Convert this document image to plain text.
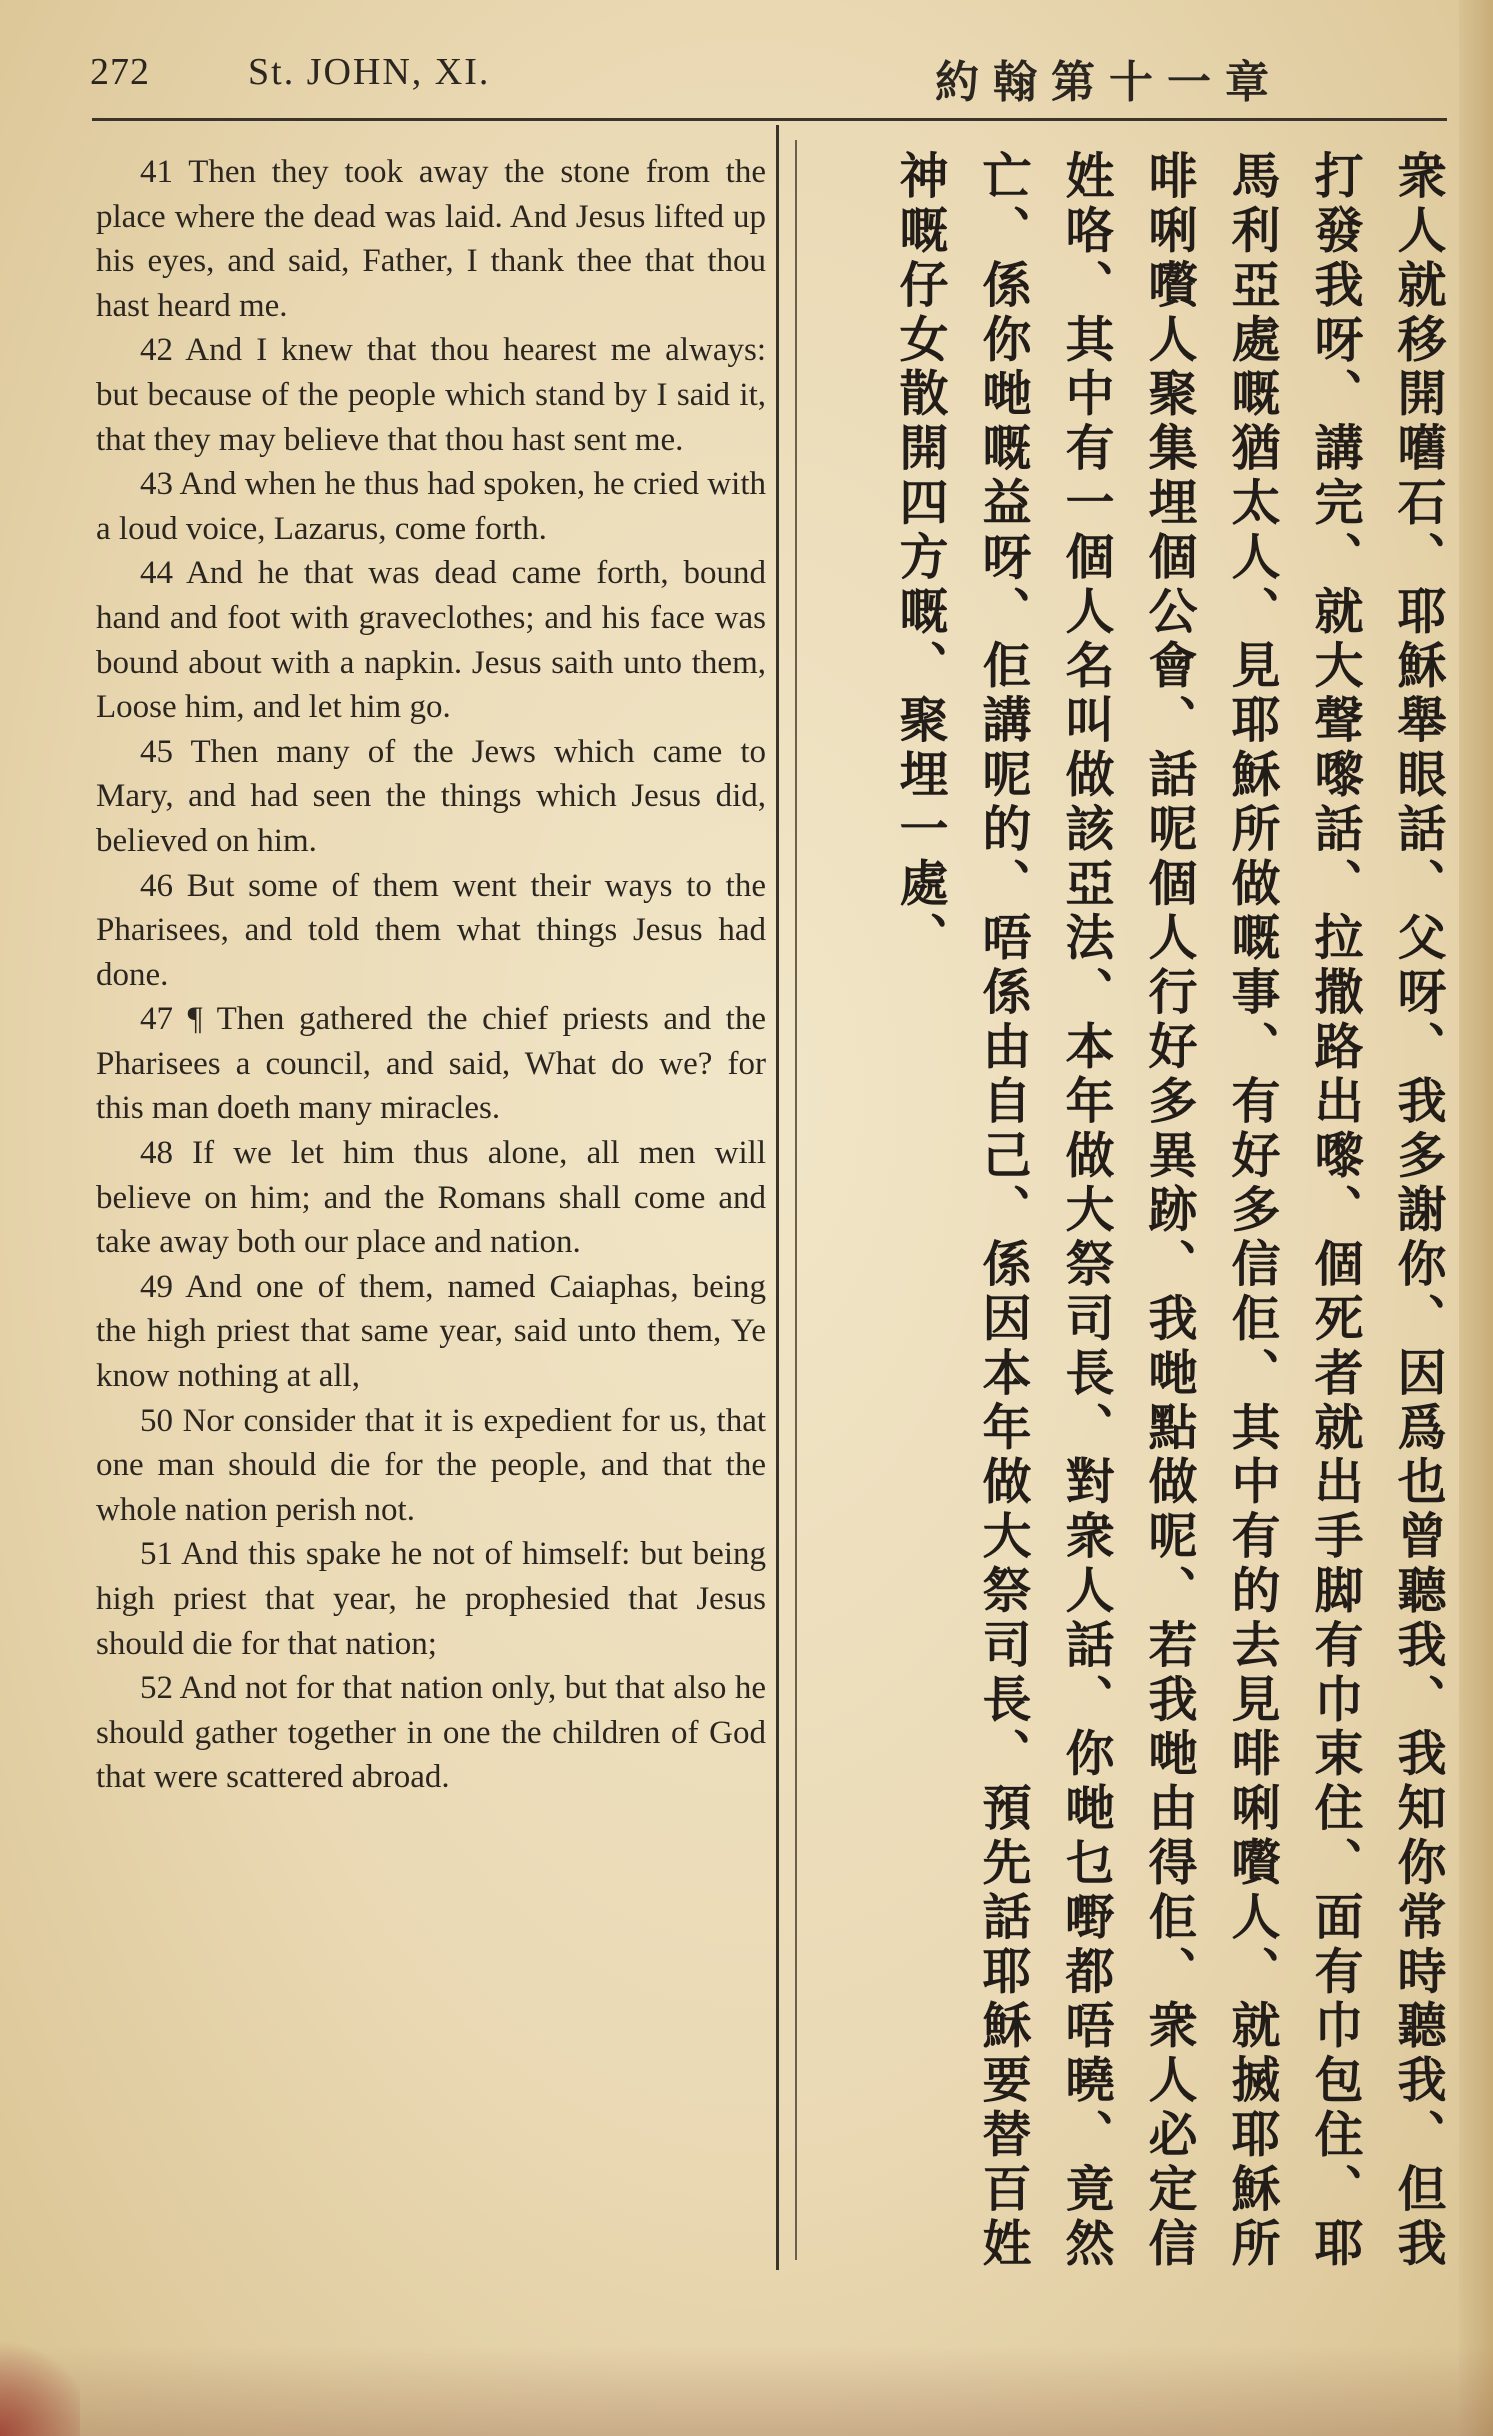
272	St. JOHN, XI.	約翰第十一章
41 Then they took away the stone from the place where the dead was laid. And Jesus lifted up his eyes, and said, Father, I thank thee that thou hast heard me.
42 And I knew that thou hearest me always: but because of the people which stand by I said it, that they may believe that thou hast sent me.
43 And when he thus had spoken, he cried with a loud voice, Lazarus, come forth.
44 And he that was dead came forth, bound hand and foot with graveclothes; and his face was bound about with a napkin. Jesus saith unto them, Loose him, and let him go.
45 Then many of the Jews which came to Mary, and had seen the things which Jesus did, believed on him.
46 But some of them went their ways to the Pharisees, and told them what things Jesus had done.
47 ¶ Then gathered the chief priests and the Pharisees a council, and said, What do we? for this man doeth many miracles.
48 If we let him thus alone, all men will believe on him; and the Romans shall come and take away both our place and nation.
49 And one of them, named Caiaphas, being the high priest that same year, said unto them, Ye know nothing at all,
50 Nor consider that it is expedient for us, that one man should die for the people, and that the whole nation perish not.
51 And this spake he not of himself: but being high priest that year, he prophesied that Jesus should die for that nation;
52 And not for that nation only, but that also he should gather together in one the children of God that were scattered abroad.
衆人就移開嚿石、耶穌舉眼話、父呀、我多謝你、因爲也曾聽我、我知你常時聽我、但我
打發我呀、講完、就大聲嚟話、拉撒路出嚟、個死者就出手脚有巾束住、面有巾包住、耶
馬利亞處嘅猶太人、見耶穌所做嘅事、有好多信佢、其中有的去見啡唎嚽人、就搣耶穌所
啡唎嚽人聚集埋個公會、話呢個人行好多異跡、我哋點做呢、若我哋由得佢、衆人必定信
姓咯、其中有一個人名叫做該亞法、本年做大祭司長、對衆人話、你哋乜嘢都唔曉、竟然
亡、係你哋嘅益呀、佢講呢的、唔係由自己、係因本年做大祭司長、預先話耶穌要替百姓
神嘅仔女散開四方嘅、聚埋一處、
